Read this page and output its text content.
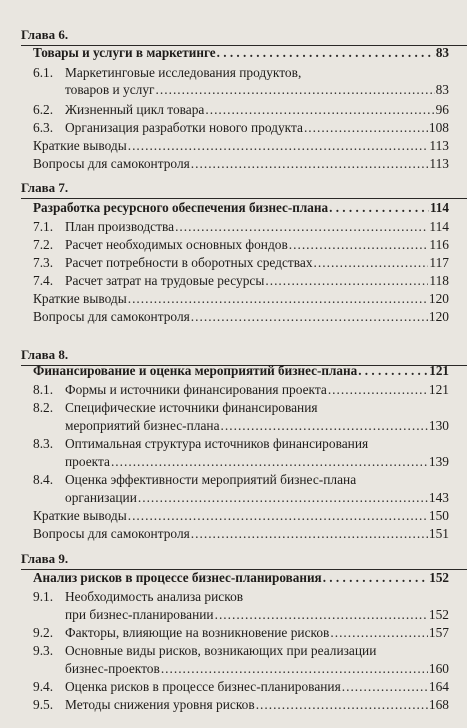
Глава 6.
Товары и услуги в маркетинге . . .	83
6.1. Маркетинговые исследования продуктов,
товаров и услуг .....	83
6.2. Жизненный цикл товара .....	96
6.3. Организация разработки нового продукта .....	108
Краткие выводы .....	113
Вопросы для самоконтроля .....	113
Глава 7.
Разработка ресурсного обеспечения бизнес-плана . . .	114
7.1. План производства .....	114
7.2. Расчет необходимых основных фондов .....	116
7.3. Расчет потребности в оборотных средствах .....	117
7.4. Расчет затрат на трудовые ресурсы .....	118
Краткие выводы .....	120
Вопросы для самоконтроля .....	120
Глава 8.
Финансирование и оценка мероприятий бизнес-плана . . .	121
8.1. Формы и источники финансирования проекта .....	121
8.2. Специфические источники финансирования
мероприятий бизнес-плана .....	130
8.3. Оптимальная структура источников финансирования
проекта .....	139
8.4. Оценка эффективности мероприятий бизнес-плана
организации .....	143
Краткие выводы .....	150
Вопросы для самоконтроля .....	151
Глава 9.
Анализ рисков в процессе бизнес-планирования . . .	152
9.1. Необходимость анализа рисков
при бизнес-планировании .....	152
9.2. Факторы, влияющие на возникновение рисков .....	157
9.3. Основные виды рисков, возникающих при реализации
бизнес-проектов .....	160
9.4. Оценка рисков в процессе бизнес-планирования .....	164
9.5. Методы снижения уровня рисков .....	168
